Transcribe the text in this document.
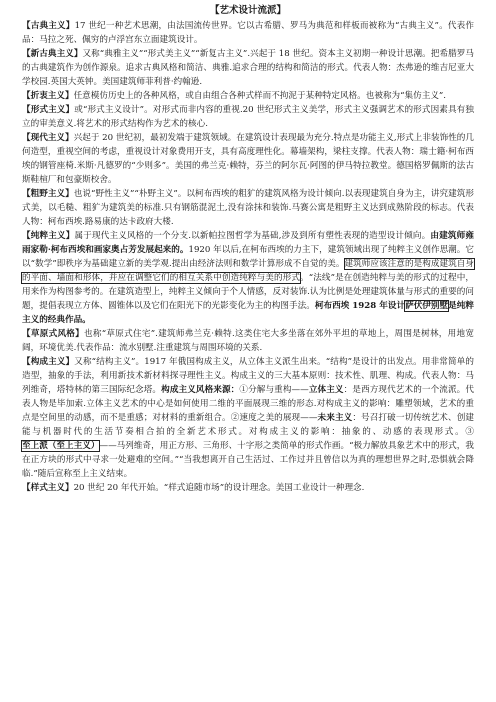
【艺术设计流派】

【古典主义】17 世纪一种艺术思潮，由法国流传世界。它以古希腊、罗马为典范和样板而被称为“古典主义”。代表作品：马拉之死、佩穷的卢浮宫东立面建筑设计。

【新古典主义】又称“典雅主义”“形式美主义”“新复古主义”.兴起于 18 世纪。资本主义初期一种设计思潮。把希腊罗马的古典建筑作为创作源泉。追求古典风格和简洁、典雅.追求合理的结构和简洁的形式。代表人物：杰弗逊的维吉尼亚大学校园.英国大英钟。美国建筑师菲利普·约翰逊.

【折衷主义】任意模仿历史上的各种风格，或自由组合各种式样而不拘泥于某种特定风格。也被称为“集仿主义”.

【形式主义】或“形式主义设计”。对形式而非内容的重视.20 世纪形式主义美学，形式主义强调艺术的形式因素具有独立的审美意义.将艺术的形式结构作为艺术的核心.

【现代主义】兴起于 20 世纪初，最初发端于建筑领域。在建筑设计表现最为充分.特点是功能主义,形式上非装饰性的几何造型，重视空间的考虑，重视设计对象费用开支，具有高度理性化。幕墙架构，梁柱支撑。代表人物：瑞士籍·柯布西埃的钢管座椅.米斯·凡德罗的“少则多”。美国的弗兰克·赖特，芬兰的阿尔瓦·阿图的伊马特拉教堂。德国格罗佩斯的法古斯鞋楦厂和包豪斯校舍。

【粗野主义】也说“野性主义”“朴野主义”。以柯布西埃的粗犷的建筑风格为设计倾向.以表现建筑自身为主，讲究建筑形式美，以毛糙、粗犷为建筑美的标准.只有钢筋混泥土,没有涂抹和装饰.马赛公寓是粗野主义达到成熟阶段的标志。代表人物：柯布西埃.路易康的达卡政府大楼.

【纯粹主义】属于现代主义风格的一个分支.以新帕拉图哲学为基础,涉及到所有塑性表现的造型设计倾向。由建筑师雍雨家勒·柯布西埃和画家奥占芳发展起来的。1920 年以后,在柯布西埃的力主下，建筑领域出现了纯粹主义创作思潮。它以“数学”即秩序为基础建立新的美学观.提出由经济法则和数学计算形成不自觉的美。建筑师应该注意的是构成建筑自身的平面、墙面和形体，并应在调整它们的相互关系中创造纯粹与美的形式。“法线”是在创造纯粹与美的形式的过程中，用来作为构图参考的。在建筑造型上，纯粹主义倾向于个人情感，反对装饰.认为比例是处理建筑体量与形式的重要的问题，提倡表现立方体、圆锥体以及它们在阳光下的光影变化为主的构图手法。柯布西埃 1928 年设计萨伏伊别墅是纯粹主义的经典作品。

【草原式风格】也称“草原式住宅”.建筑师弗兰克·赖特.这类住宅大多坐落在郊外平坦的草地上，周围是树林，用地宽阔，环境优美.代表作品：流水别墅.注重建筑与周围环境的关系.

【构成主义】又称“结构主义”。1917 年俄国构成主义，从立体主义派生出来。“结构”是设计的出发点。用非常简单的造型，抽象的手法，利用新技术新材料探寻理性主义。构成主义的三大基本原则：技术性、肌理、构成。代表人物：马列维奇，塔特林的第三国际纪念塔。构成主义风格来源：①分解与重构——立体主义：是西方现代艺术的一个流派。代表人物是毕加索.立体主义艺术的中心是如何使用二维的平面展现三维的形态.对构成主义的影响：雕塑领域，艺术的重点是空间里的动感，而不是重感；对材料的重新组合。②速度之美的展现——未来主义：号召打破一切传统艺术、创建能与机器时代的生活节奏相合拍的全新艺术形式。对构成主义的影响：抽象的、动感的表现形式。③至上派（至上主义）——马列维奇，用正方形、三角形、十字形之类简单的形式作画。“极力解放具象艺术中的形式，我在正方块的形式中寻求一处避难的空间。”“当我想离开自己生活过、工作过并且曾信以为真的理想世界之时,恐惧就会降临.”随后宣称至上主义结束。

【样式主义】20 世纪 20 年代开始。“样式追随市场”的设计理念。美国工业设计一种理念.
